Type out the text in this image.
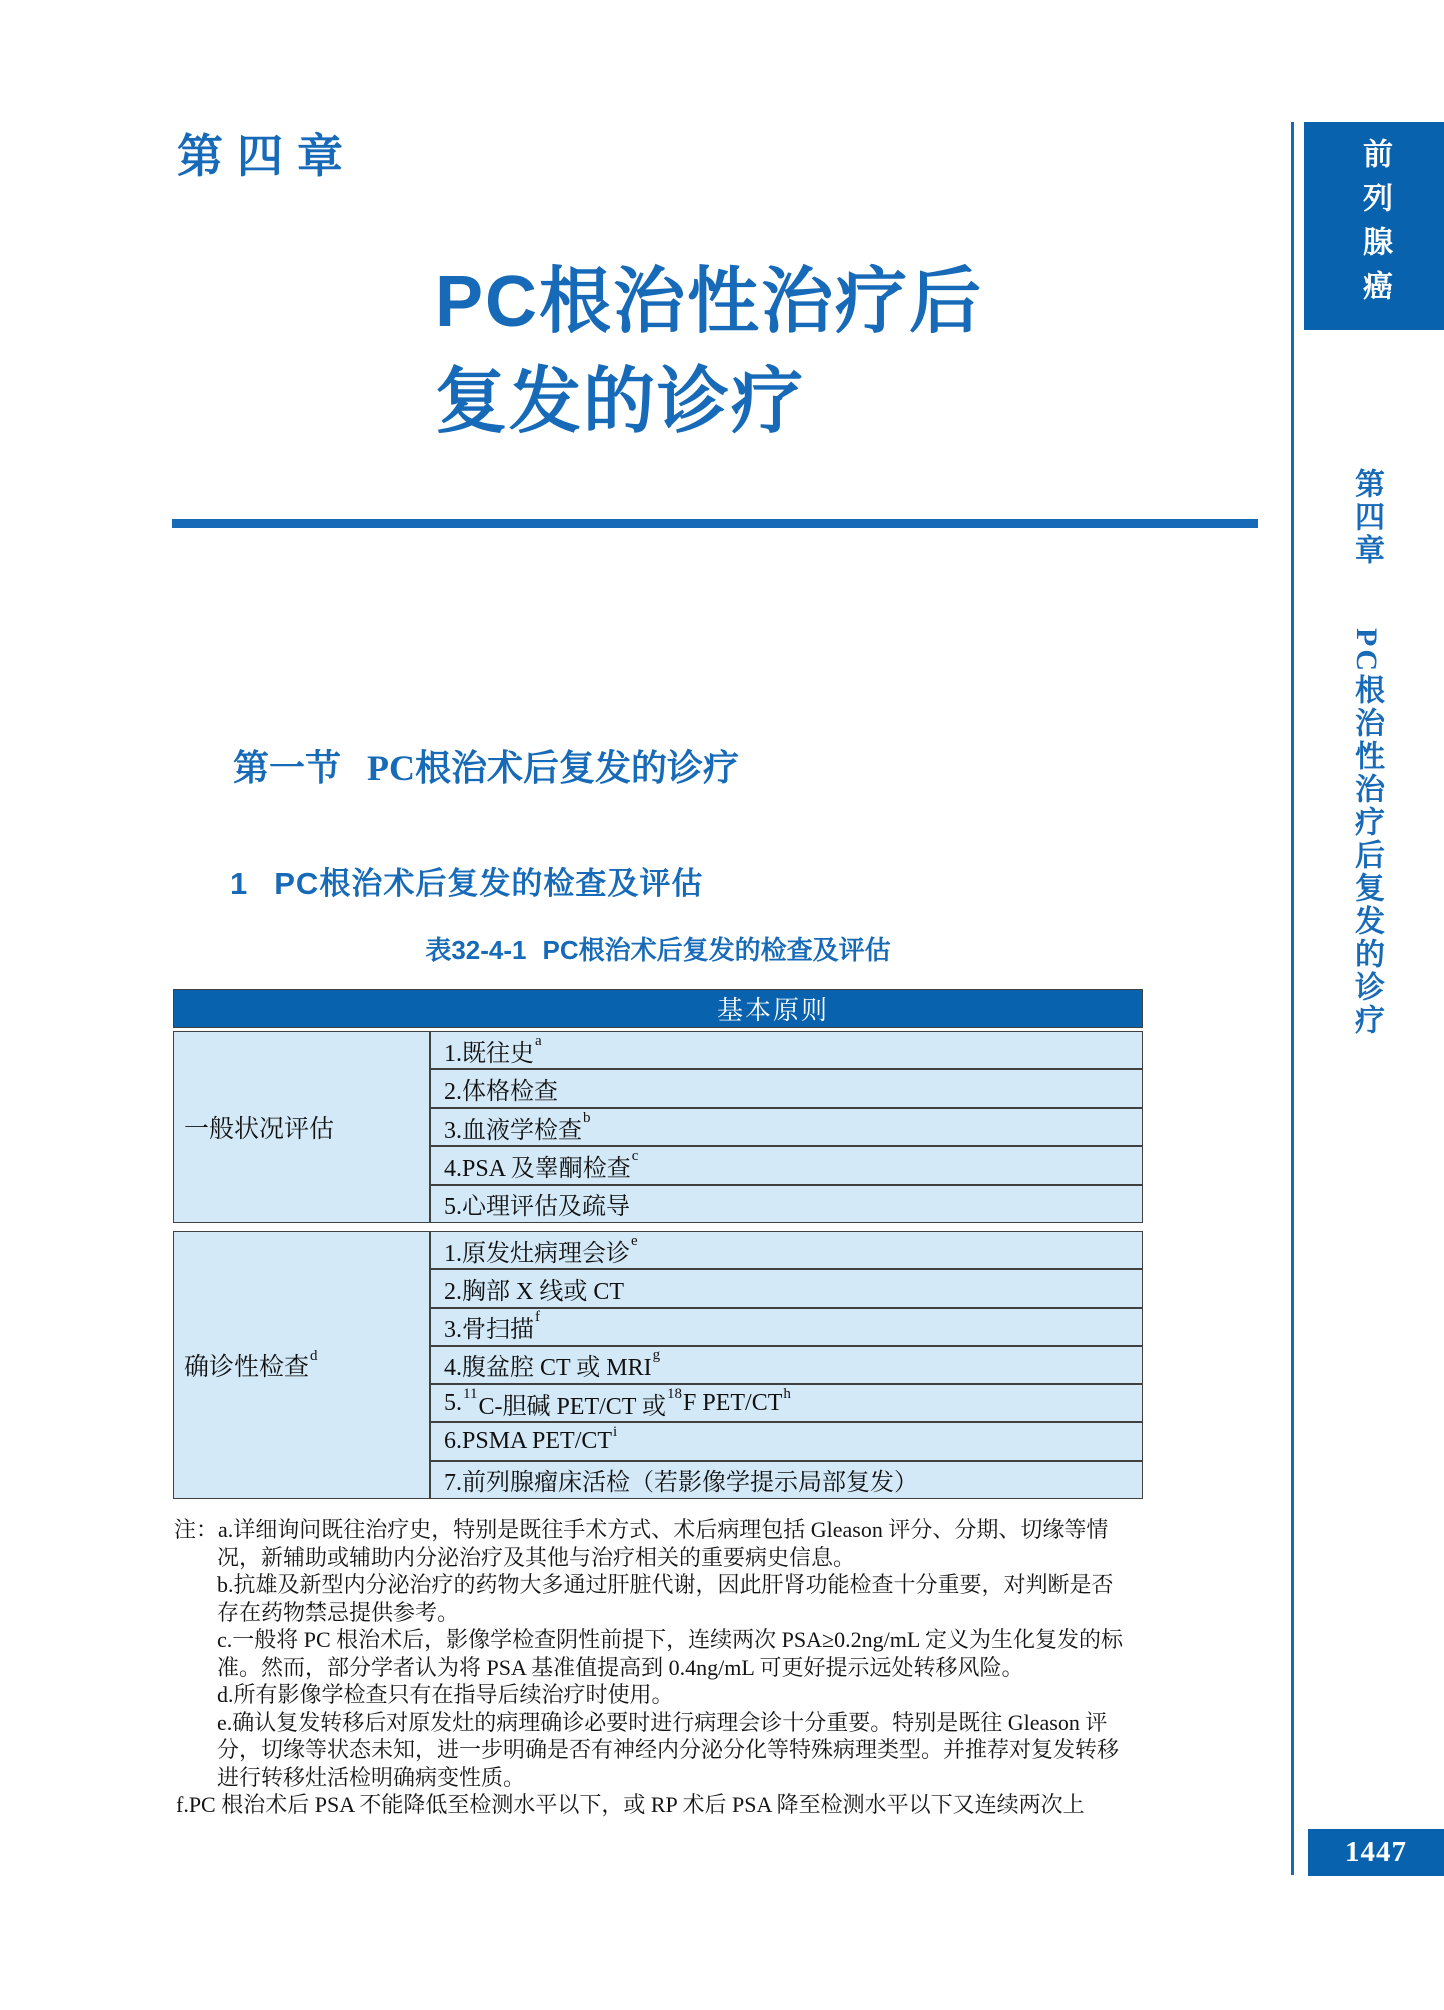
第四章
PC根治性治疗后
复发的诊疗
第一节 PC根治术后复发的诊疗
1 PC根治术后复发的检查及评估
表32-4-1 PC根治术后复发的检查及评估
基本原则
一般状况评估
1.既往史 a
2.体格检查
3.血液学检查 b
4.PSA 及睾酮检查 c
5.心理评估及疏导
确诊性检查 d
1.原发灶病理会诊 e
2.胸部 X 线或 CT
3.骨扫描 f
4.腹盆腔 CT 或 MRI g
5. 11 C-胆碱 PET/CT 或 18 F PET/CT h
6.PSMA PET/CT i
7.前列腺瘤床活检（若影像学提示局部复发）
注：a.详细询问既往治疗史，特别是既往手术方式、术后病理包括 Gleason 评分、分期、切缘等情
况，新辅助或辅助内分泌治疗及其他与治疗相关的重要病史信息。
b.抗雄及新型内分泌治疗的药物大多通过肝脏代谢，因此肝肾功能检查十分重要，对判断是否
存在药物禁忌提供参考。
c.一般将 PC 根治术后，影像学检查阴性前提下，连续两次 PSA≥0.2ng/mL 定义为生化复发的标
准。然而，部分学者认为将 PSA 基准值提高到 0.4ng/mL 可更好提示远处转移风险。
d.所有影像学检查只有在指导后续治疗时使用。
e.确认复发转移后对原发灶的病理确诊必要时进行病理会诊十分重要。特别是既往 Gleason 评
分，切缘等状态未知，进一步明确是否有神经内分泌分化等特殊病理类型。并推荐对复发转移
进行转移灶活检明确病变性质。
f.PC 根治术后 PSA 不能降低至检测水平以下，或 RP 术后 PSA 降至检测水平以下又连续两次上
前列腺癌
第四章
PC根治性治疗后复发的诊疗
1447
